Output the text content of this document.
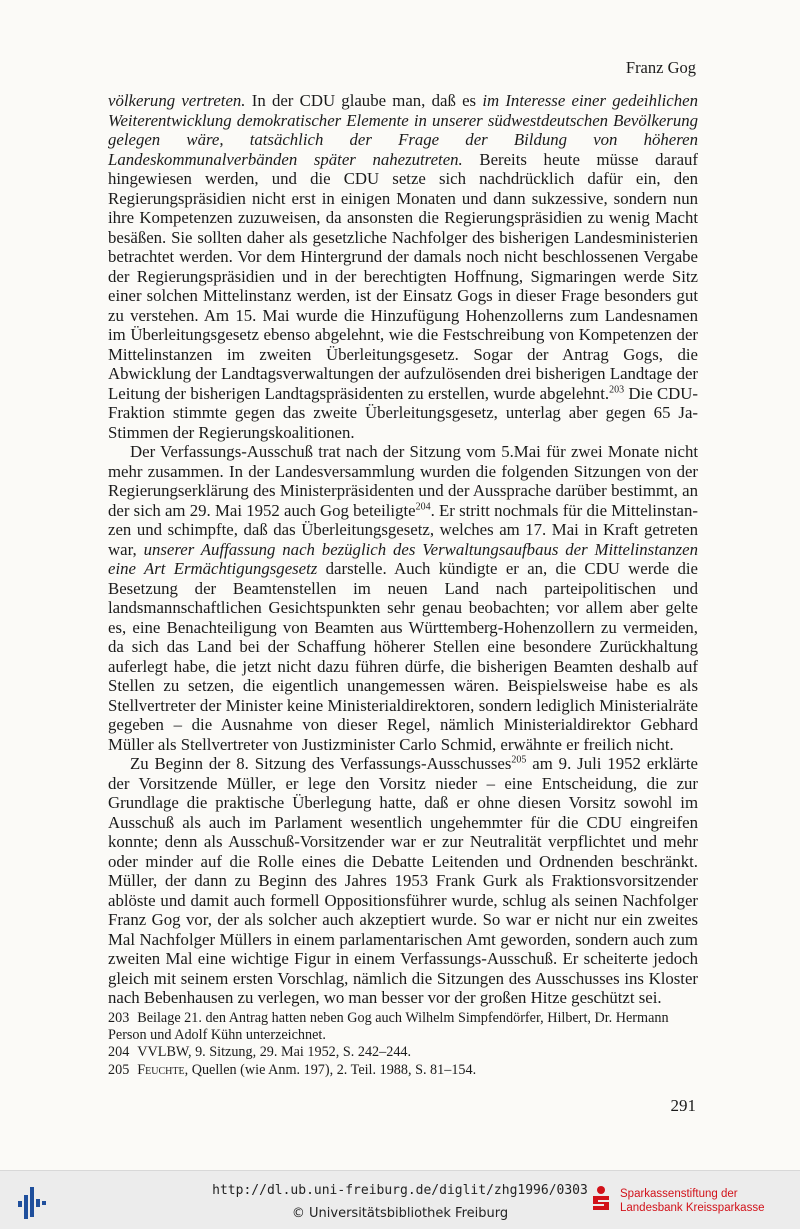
Franz Gog

völkerung vertreten. In der CDU glaube man, daß es im Interesse einer gedeihlichen Weiterentwicklung demokratischer Elemente in unserer südwestdeutschen Bevölkerung gelegen wäre, tatsächlich der Frage der Bildung von höheren Landeskommunalverbänden später nahezutreten. Bereits heute müsse darauf hingewiesen werden, und die CDU setze sich nachdrücklich dafür ein, den Regierungspräsidien nicht erst in einigen Monaten und dann sukzessive, sondern nun ihre Kompetenzen zuzuweisen, da ansonsten die Regierungspräsidien zu wenig Macht besäßen. Sie sollten daher als gesetzliche Nachfolger des bisherigen Landesministerien betrachtet werden. Vor dem Hintergrund der damals noch nicht beschlossenen Vergabe der Regierungspräsidien und in der berechtigten Hoffnung, Sigmaringen werde Sitz einer solchen Mittelinstanz werden, ist der Einsatz Gogs in dieser Frage besonders gut zu verstehen. Am 15. Mai wurde die Hinzufügung Hohenzollerns zum Landesnamen im Überleitungsgesetz ebenso abgelehnt, wie die Festschreibung von Kompetenzen der Mittelinstanzen im zweiten Überleitungsgesetz. Sogar der Antrag Gogs, die Abwicklung der Landtagsverwaltungen der aufzulösenden drei bisherigen Landtage der Leitung der bisherigen Landtagspräsidenten zu erstellen, wurde abgelehnt.$^{203}$ Die CDU-Fraktion stimmte gegen das zweite Überleitungsgesetz, unterlag aber gegen 65 Ja-Stimmen der Regierungskoalitionen.

Der Verfassungs-Ausschuß trat nach der Sitzung vom 5.Mai für zwei Monate nicht mehr zusammen. In der Landesversammlung wurden die folgenden Sitzungen von der Regierungserklärung des Ministerpräsidenten und der Aussprache darüber bestimmt, an der sich am 29. Mai 1952 auch Gog beteiligte$^{204}$. Er stritt nochmals für die Mittelinstanzen und schimpfte, daß das Überleitungsgesetz, welches am 17. Mai in Kraft getreten war, unserer Auffassung nach bezüglich des Verwaltungsaufbaus der Mittelinstanzen eine Art Ermächtigungsgesetz darstelle. Auch kündigte er an, die CDU werde die Besetzung der Beamtenstellen im neuen Land nach parteipolitischen und landsmannschaftlichen Gesichtspunkten sehr genau beobachten; vor allem aber gelte es, eine Benachteiligung von Beamten aus Württemberg-Hohenzollern zu vermeiden, da sich das Land bei der Schaffung höherer Stellen eine besondere Zurückhaltung auferlegt habe, die jetzt nicht dazu führen dürfe, die bisherigen Beamten deshalb auf Stellen zu setzen, die eigentlich unangemessen wären. Beispielsweise habe es als Stellvertreter der Minister keine Ministerialdirektoren, sondern lediglich Ministerialräte gegeben – die Ausnahme von dieser Regel, nämlich Ministerialdirektor Gebhard Müller als Stellvertreter von Justizminister Carlo Schmid, erwähnte er freilich nicht.

Zu Beginn der 8. Sitzung des Verfassungs-Ausschusses$^{205}$ am 9. Juli 1952 erklärte der Vorsitzende Müller, er lege den Vorsitz nieder – eine Entscheidung, die zur Grundlage die praktische Überlegung hatte, daß er ohne diesen Vorsitz sowohl im Ausschuß als auch im Parlament wesentlich ungehemmter für die CDU eingreifen konnte; denn als Ausschuß-Vorsitzender war er zur Neutralität verpflichtet und mehr oder minder auf die Rolle eines die Debatte Leitenden und Ordnenden beschränkt. Müller, der dann zu Beginn des Jahres 1953 Frank Gurk als Fraktionsvorsitzender ablöste und damit auch formell Oppositionsführer wurde, schlug als seinen Nachfolger Franz Gog vor, der als solcher auch akzeptiert wurde. So war er nicht nur ein zweites Mal Nachfolger Müllers in einem parlamentarischen Amt geworden, sondern auch zum zweiten Mal eine wichtige Figur in einem Verfassungs-Ausschuß. Er scheiterte jedoch gleich mit seinem ersten Vorschlag, nämlich die Sitzungen des Ausschusses ins Kloster nach Bebenhausen zu verlegen, wo man besser vor der großen Hitze geschützt sei.

203 Beilage 21. den Antrag hatten neben Gog auch Wilhelm Simpfendörfer, Hilbert, Dr. Hermann Person und Adolf Kühn unterzeichnet.
204 VVLBW, 9. Sitzung, 29. Mai 1952, S. 242–244.
205 Feuchte, Quellen (wie Anm. 197), 2. Teil. 1988, S. 81–154.
291
http://dl.ub.uni-freiburg.de/diglit/zhg1996/0303
© Universitätsbibliothek Freiburg
Sparkassenstiftung der
Landesbank Kreissparkasse
